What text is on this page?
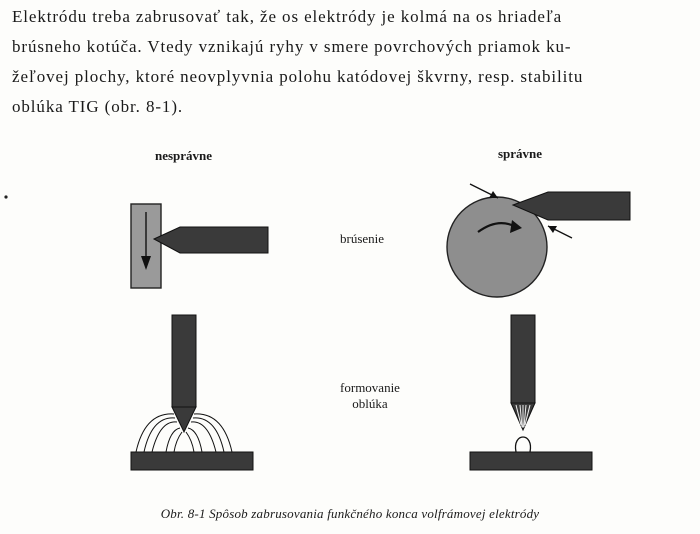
Elektródu treba zabrusovať tak, že os elektródy je kolmá na os hriadeľa
brúsneho kotúča. Vtedy vznikajú ryhy v smere povrchových priamok ku-
žeľovej plochy, ktoré neovplyvnia polohu katódovej škvrny, resp. stabilitu
oblúka TIG (obr. 8-1).
nesprávne	správne
brúsenie
formovanie
oblúka
Obr. 8-1 Spôsob zabrusovania funkčného konca volfrámovej elektródy
